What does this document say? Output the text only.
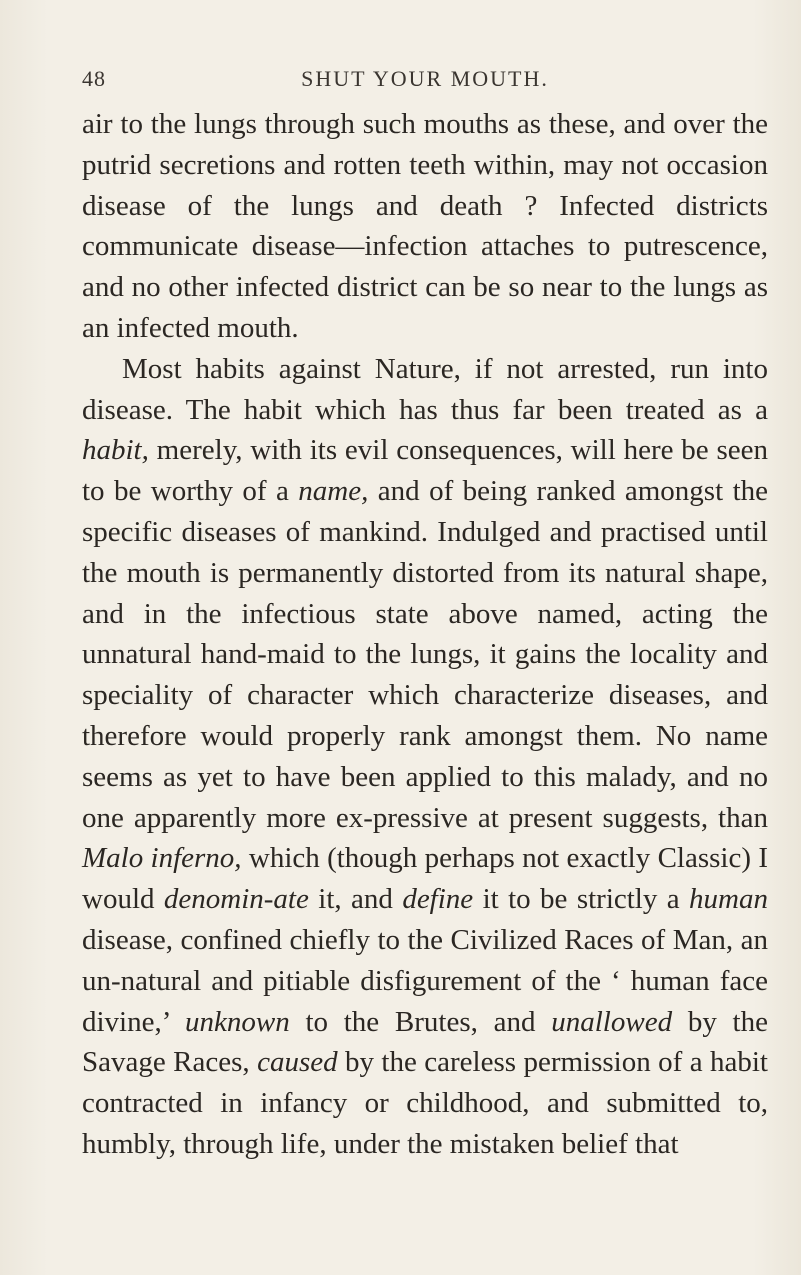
48	SHUT YOUR MOUTH.

air to the lungs through such mouths as these, and over the putrid secretions and rotten teeth within, may not occasion disease of the lungs and death ? Infected districts communicate disease—infection attaches to putrescence, and no other infected district can be so near to the lungs as an infected mouth.

Most habits against Nature, if not arrested, run into disease. The habit which has thus far been treated as a habit, merely, with its evil consequences, will here be seen to be worthy of a name, and of being ranked amongst the specific diseases of mankind. Indulged and practised until the mouth is permanently distorted from its natural shape, and in the infectious state above named, acting the unnatural hand-maid to the lungs, it gains the locality and speciality of character which characterize diseases, and therefore would properly rank amongst them. No name seems as yet to have been applied to this malady, and no one apparently more ex-pressive at present suggests, than Malo inferno, which (though perhaps not exactly Classic) I would denomin-ate it, and define it to be strictly a human disease, confined chiefly to the Civilized Races of Man, an un-natural and pitiable disfigurement of the ‘ human face divine,’ unknown to the Brutes, and unallowed by the Savage Races, caused by the careless permission of a habit contracted in infancy or childhood, and submitted to, humbly, through life, under the mistaken belief that
